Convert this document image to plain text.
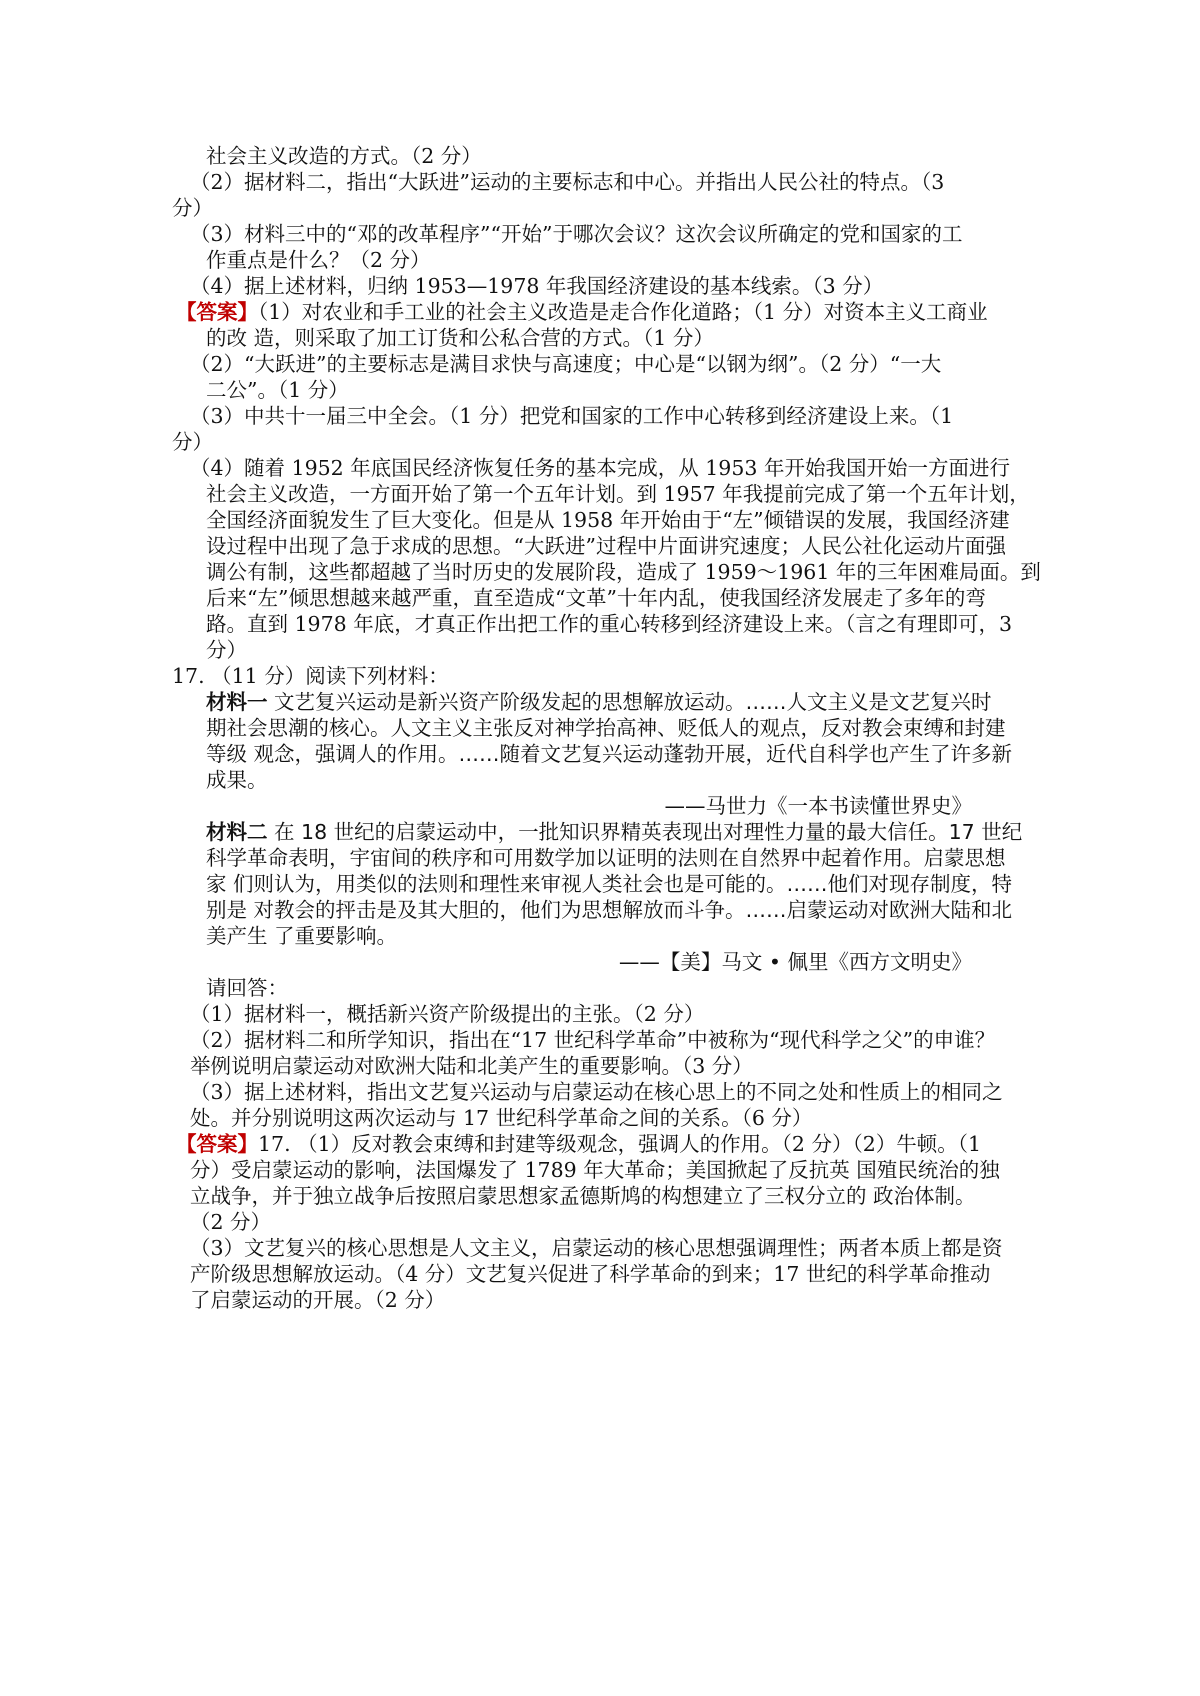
社会主义改造的方式。（2 分）
（2）据材料二，指出“大跃进”运动的主要标志和中心。并指出人民公社的特点。（3
分）
（3）材料三中的“邓的改革程序”“开始”于哪次会议？这次会议所确定的党和国家的工
作重点是什么？（2 分）
（4）据上述材料，归纳 1953—1978 年我国经济建设的基本线索。（3 分）
【答案】（1）对农业和手工业的社会主义改造是走合作化道路；（1 分）对资本主义工商业
的改 造，则采取了加工订货和公私合营的方式。（1 分）
（2）“大跃进”的主要标志是满目求快与高速度；中心是“以钢为纲”。（2 分）“一大
二公”。（1 分）
（3）中共十一届三中全会。（1 分）把党和国家的工作中心转移到经济建设上来。（1
分）
（4）随着 1952 年底国民经济恢复任务的基本完成，从 1953 年开始我国开始一方面进行
社会主义改造，一方面开始了第一个五年计划。到 1957 年我提前完成了第一个五年计划，
全国经济面貌发生了巨大变化。但是从 1958 年开始由于“左”倾错误的发展，我国经济建
设过程中出现了急于求成的思想。“大跃进”过程中片面讲究速度；人民公社化运动片面强
调公有制，这些都超越了当时历史的发展阶段，造成了 1959～1961 年的三年困难局面。到
后来“左”倾思想越来越严重，直至造成“文革”十年内乱，使我国经济发展走了多年的弯
路。直到 1978 年底，才真正作出把工作的重心转移到经济建设上来。（言之有理即可，3
分）
17. （11 分）阅读下列材料：
材料一 文艺复兴运动是新兴资产阶级发起的思想解放运动。……人文主义是文艺复兴时
期社会思潮的核心。人文主义主张反对神学抬高神、贬低人的观点，反对教会束缚和封建
等级 观念，强调人的作用。……随着文艺复兴运动蓬勃开展，近代自科学也产生了许多新
成果。
——马世力《一本书读懂世界史》
材料二 在 18 世纪的启蒙运动中，一批知识界精英表现出对理性力量的最大信任。17 世纪
科学革命表明，宇宙间的秩序和可用数学加以证明的法则在自然界中起着作用。启蒙思想
家 们则认为，用类似的法则和理性来审视人类社会也是可能的。……他们对现存制度，特
别是 对教会的抨击是及其大胆的，他们为思想解放而斗争。……启蒙运动对欧洲大陆和北
美产生 了重要影响。
——【美】马文 • 佩里《西方文明史》
请回答：
（1）据材料一，概括新兴资产阶级提出的主张。（2 分）
（2）据材料二和所学知识，指出在“17 世纪科学革命”中被称为“现代科学之父”的申谁？
举例说明启蒙运动对欧洲大陆和北美产生的重要影响。（3 分）
（3）据上述材料，指出文艺复兴运动与启蒙运动在核心思上的不同之处和性质上的相同之
处。并分别说明这两次运动与 17 世纪科学革命之间的关系。（6 分）
【答案】17. （1）反对教会束缚和封建等级观念，强调人的作用。（2 分）（2）牛顿。（1
分）受启蒙运动的影响，法国爆发了 1789 年大革命；美国掀起了反抗英 国殖民统治的独
立战争，并于独立战争后按照启蒙思想家孟德斯鸠的构想建立了三权分立的 政治体制。
（2 分）
（3）文艺复兴的核心思想是人文主义，启蒙运动的核心思想强调理性；两者本质上都是资
产阶级思想解放运动。（4 分）文艺复兴促进了科学革命的到来；17 世纪的科学革命推动
了启蒙运动的开展。（2 分）
